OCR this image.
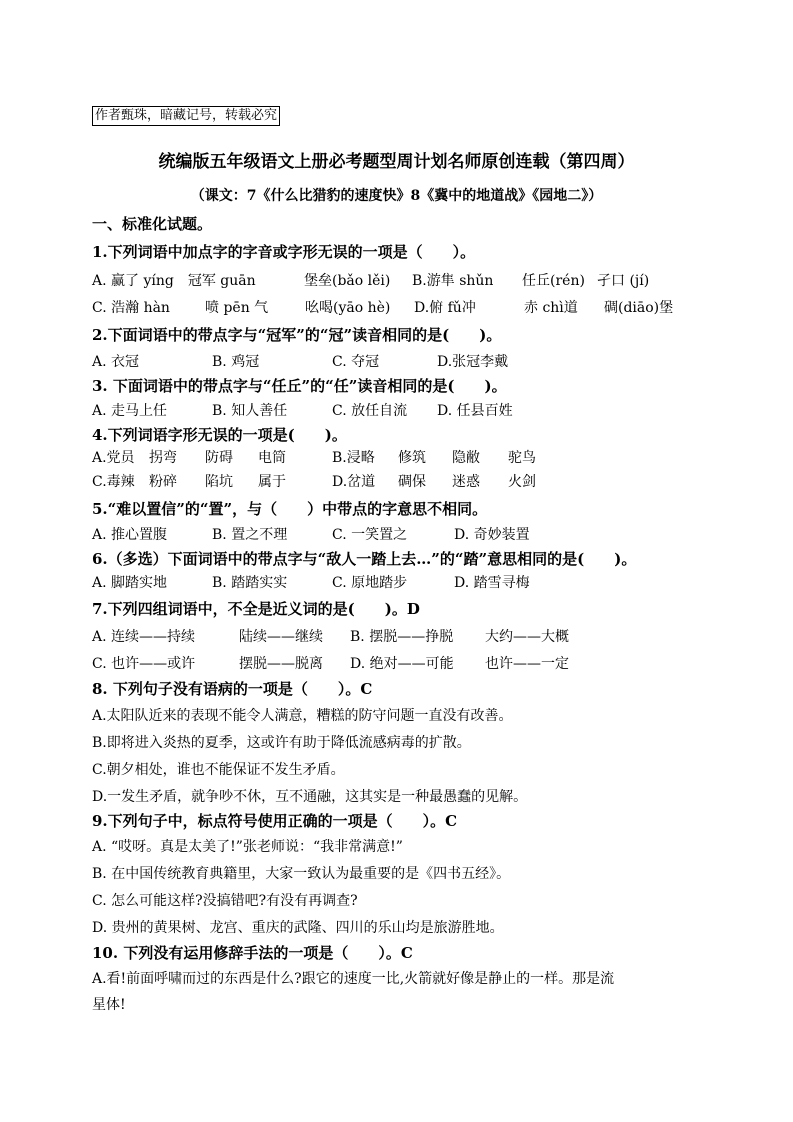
作者甄珠，暗藏记号，转载必究
统编版五年级语文上册必考题型周计划名师原创连载（第四周）
（课文：7《什么比猎豹的速度快》8《冀中的地道战》《园地二》）
一、标准化试题。
1.下列词语中加点字的字音或字形无误的一项是（　　）。
A. 赢了 yíng　冠军 guān	堡垒(bǎo lěi) B.游隼 shǔn 任丘(rén) 孑口 (jí)
C. 浩瀚 hàn	喷 pēn 气	吆喝(yāo hè) D.俯 fǔ冲	赤 chì道 碉(diāo)堡
2.下面词语中的带点字与“冠军”的“冠”读音相同的是(　　)。
A. 衣冠	B. 鸡冠	C. 夺冠	D.张冠李戴
3. 下面词语中的带点字与“任丘”的“任”读音相同的是(　　)。
A. 走马上任	B. 知人善任	C. 放任自流 D. 任县百姓
4.下列词语字形无误的一项是(　　)。
A.党员 拐弯 防碍 电筒	B.浸略 修筑 隐敝 驼鸟
C.毒辣 粉碎 陷坑 属于	D.岔道 碉保 迷惑 火剑
5.“难以置信”的“置”，与（　　）中带点的字意思不相同。
A. 推心置腹	B. 置之不理	C. 一笑置之	D. 奇妙装置
6.（多选）下面词语中的带点字与“敌人一踏上去…”的“踏”意思相同的是(　　)。
A. 脚踏实地	B. 踏踏实实	C. 原地踏步	D. 踏雪寻梅
7.下列四组词语中，不全是近义词的是(　　)。D
A. 连续——持续	陆续——继续 B. 摆脱——挣脱 大约——大概
C. 也许——或许	摆脱——脱离 D. 绝对——可能 也许——一定
8. 下列句子没有语病的一项是（　　）。C
A.太阳队近来的表现不能令人满意，糟糕的防守问题一直没有改善。
B.即将进入炎热的夏季，这或许有助于降低流感病毒的扩散。
C.朝夕相处，谁也不能保证不发生矛盾。
D.一发生矛盾，就争吵不休，互不通融，这其实是一种最愚蠢的见解。
9.下列句子中，标点符号使用正确的一项是（　　）。C
A. “哎呀。真是太美了!”张老师说：“我非常满意!”
B. 在中国传统教育典籍里，大家一致认为最重要的是《四书五经》。
C. 怎么可能这样?没搞错吧?有没有再调查?
D. 贵州的黄果树、龙宫、重庆的武隆、四川的乐山均是旅游胜地。
10. 下列没有运用修辞手法的一项是（　　）。C
A.看!前面呼啸而过的东西是什么?跟它的速度一比,火箭就好像是静止的一样。那是流
星体!
